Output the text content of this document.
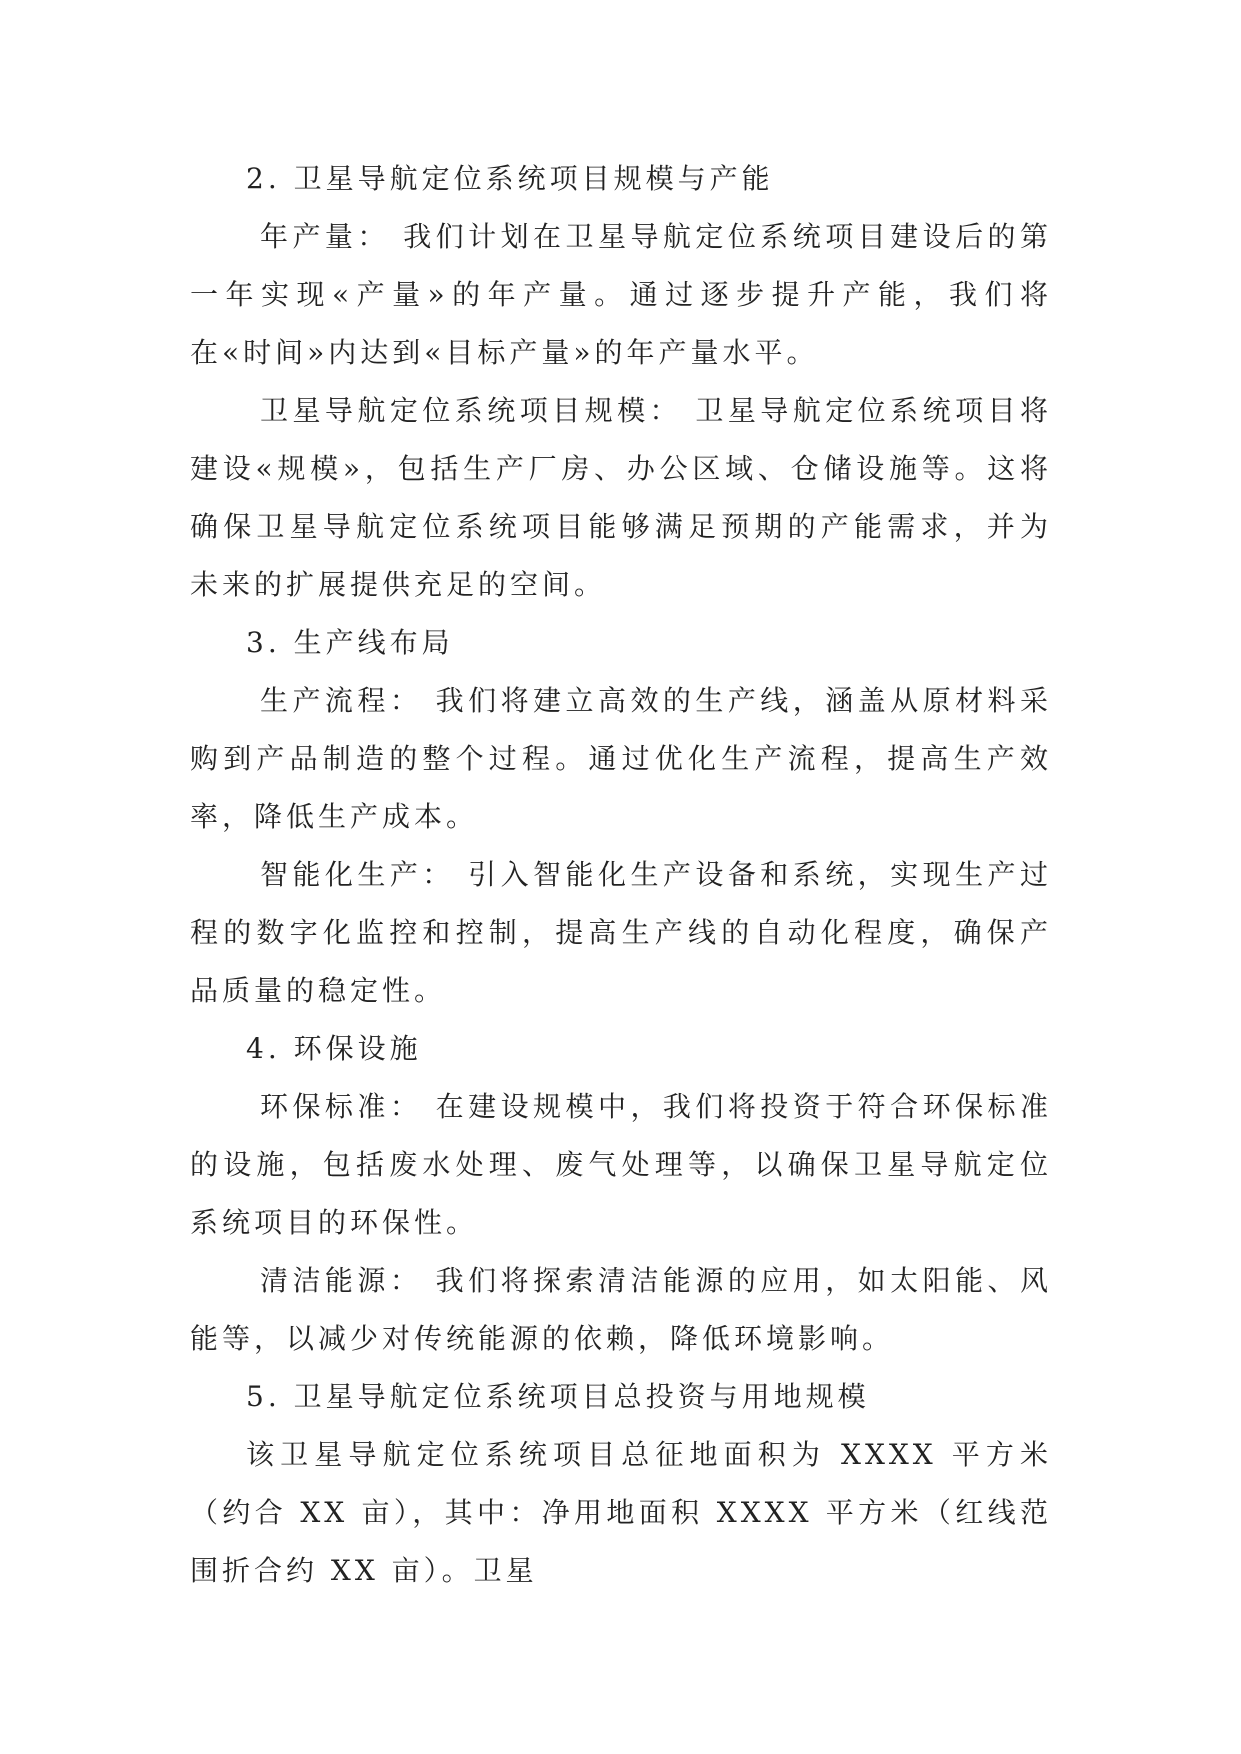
2. 卫星导航定位系统项目规模与产能

年产量： 我们计划在卫星导航定位系统项目建设后的第一年实现«产量»的年产量。通过逐步提升产能，我们将在«时间»内达到«目标产量»的年产量水平。

卫星导航定位系统项目规模： 卫星导航定位系统项目将建设«规模»，包括生产厂房、办公区域、仓储设施等。这将确保卫星导航定位系统项目能够满足预期的产能需求，并为未来的扩展提供充足的空间。

3. 生产线布局

生产流程： 我们将建立高效的生产线，涵盖从原材料采购到产品制造的整个过程。通过优化生产流程，提高生产效率，降低生产成本。

智能化生产： 引入智能化生产设备和系统，实现生产过程的数字化监控和控制，提高生产线的自动化程度，确保产品质量的稳定性。

4. 环保设施

环保标准： 在建设规模中，我们将投资于符合环保标准的设施，包括废水处理、废气处理等，以确保卫星导航定位系统项目的环保性。

清洁能源： 我们将探索清洁能源的应用，如太阳能、风能等，以减少对传统能源的依赖，降低环境影响。

5. 卫星导航定位系统项目总投资与用地规模

该卫星导航定位系统项目总征地面积为 XXXX 平方米（约合 XX 亩），其中：净用地面积 XXXX 平方米（红线范围折合约 XX 亩）。卫星
